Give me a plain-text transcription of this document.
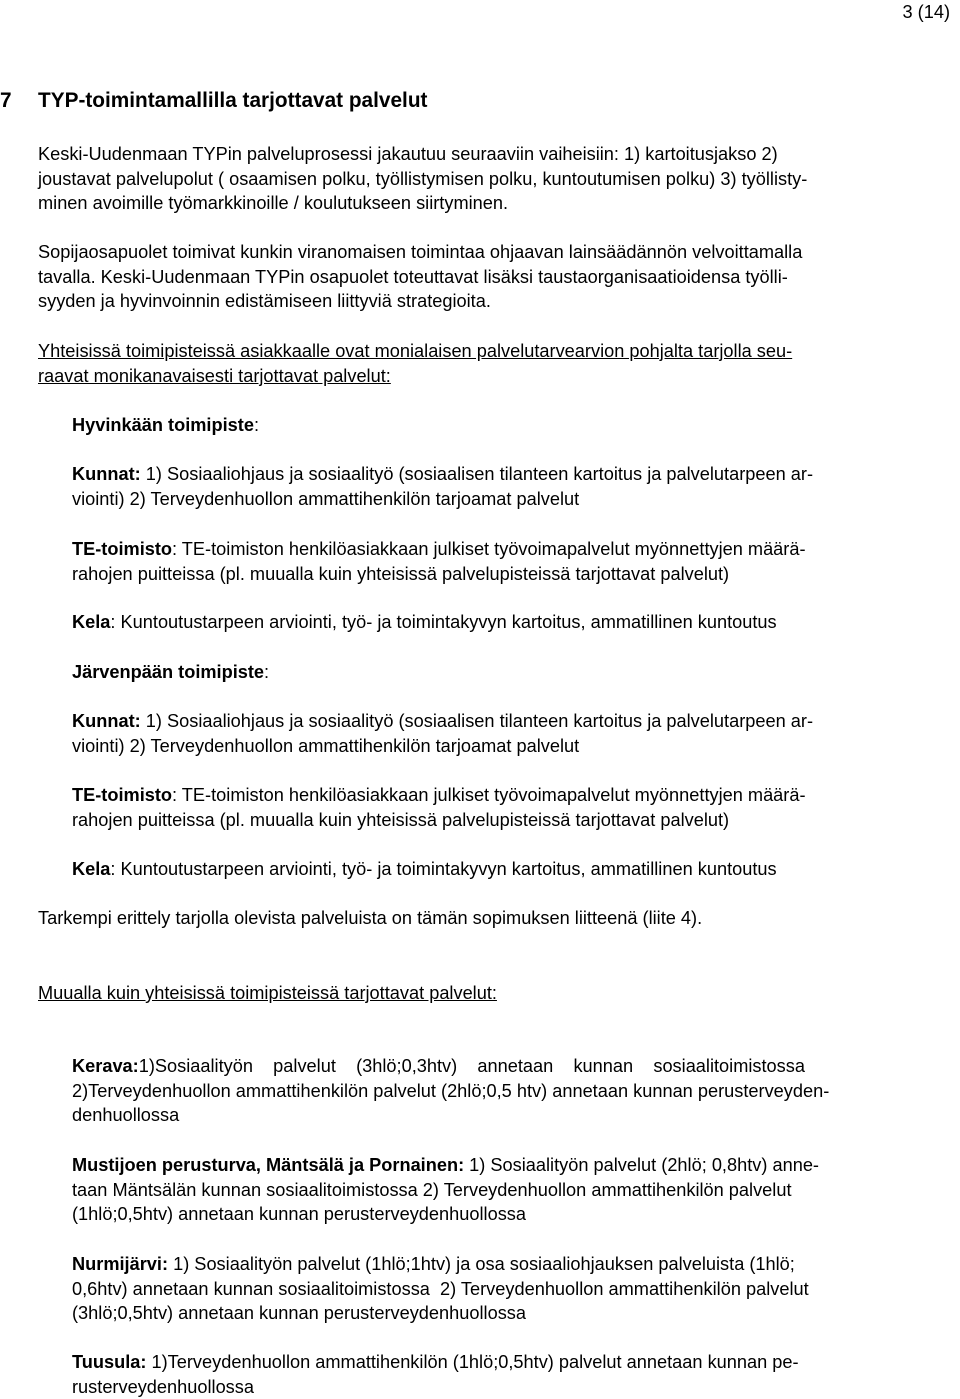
3 (14)
7 TYP-toimintamallilla tarjottavat palvelut
Keski-Uudenmaan TYPin palveluprosessi jakautuu seuraaviin vaiheisiin: 1) kartoitusjakso 2)
joustavat palvelupolut ( osaamisen polku, työllistymisen polku, kuntoutumisen polku) 3) työllisty-
minen avoimille työmarkkinoille / koulutukseen siirtyminen.
Sopijaosapuolet toimivat kunkin viranomaisen toimintaa ohjaavan lainsäädännön velvoittamalla
tavalla. Keski-Uudenmaan TYPin osapuolet toteuttavat lisäksi taustaorganisaatioidensa työlli-
syyden ja hyvinvoinnin edistämiseen liittyviä strategioita.
Yhteisissä toimipisteissä asiakkaalle ovat monialaisen palvelutarvearvion pohjalta tarjolla seu-
raavat monikanavaisesti tarjottavat palvelut:
Hyvinkään toimipiste:
Kunnat: 1) Sosiaaliohjaus ja sosiaalityö (sosiaalisen tilanteen kartoitus ja palvelutarpeen ar-
viointi) 2) Terveydenhuollon ammattihenkilön tarjoamat palvelut
TE-toimisto: TE-toimiston henkilöasiakkaan julkiset työvoimapalvelut myönnettyjen määrä-
rahojen puitteissa (pl. muualla kuin yhteisissä palvelupisteissä tarjottavat palvelut)
Kela: Kuntoutustarpeen arviointi, työ- ja toimintakyvyn kartoitus, ammatillinen kuntoutus
Järvenpään toimipiste:
Kunnat: 1) Sosiaaliohjaus ja sosiaalityö (sosiaalisen tilanteen kartoitus ja palvelutarpeen ar-
viointi) 2) Terveydenhuollon ammattihenkilön tarjoamat palvelut
TE-toimisto: TE-toimiston henkilöasiakkaan julkiset työvoimapalvelut myönnettyjen määrä-
rahojen puitteissa (pl. muualla kuin yhteisissä palvelupisteissä tarjottavat palvelut)
Kela: Kuntoutustarpeen arviointi, työ- ja toimintakyvyn kartoitus, ammatillinen kuntoutus
Tarkempi erittely tarjolla olevista palveluista on tämän sopimuksen liitteenä (liite 4).
Muualla kuin yhteisissä toimipisteissä tarjottavat palvelut:
Kerava:1)Sosiaalityön    palvelut    (3hlö;0,3htv)    annetaan    kunnan    sosiaalitoimistossa
2)Terveydenhuollon ammattihenkilön palvelut (2hlö;0,5 htv) annetaan kunnan perusterveyden-
denhuollossa
Mustijoen perusturva, Mäntsälä ja Pornainen: 1) Sosiaalityön palvelut (2hlö; 0,8htv) anne-
taan Mäntsälän kunnan sosiaalitoimistossa 2) Terveydenhuollon ammattihenkilön palvelut
(1hlö;0,5htv) annetaan kunnan perusterveydenhuollossa
Nurmijärvi: 1) Sosiaalityön palvelut (1hlö;1htv) ja osa sosiaaliohjauksen palveluista (1hlö;
0,6htv) annetaan kunnan sosiaalitoimistossa  2) Terveydenhuollon ammattihenkilön palvelut
(3hlö;0,5htv) annetaan kunnan perusterveydenhuollossa
Tuusula: 1)Terveydenhuollon ammattihenkilön (1hlö;0,5htv) palvelut annetaan kunnan pe-
rusterveydenhuollossa
